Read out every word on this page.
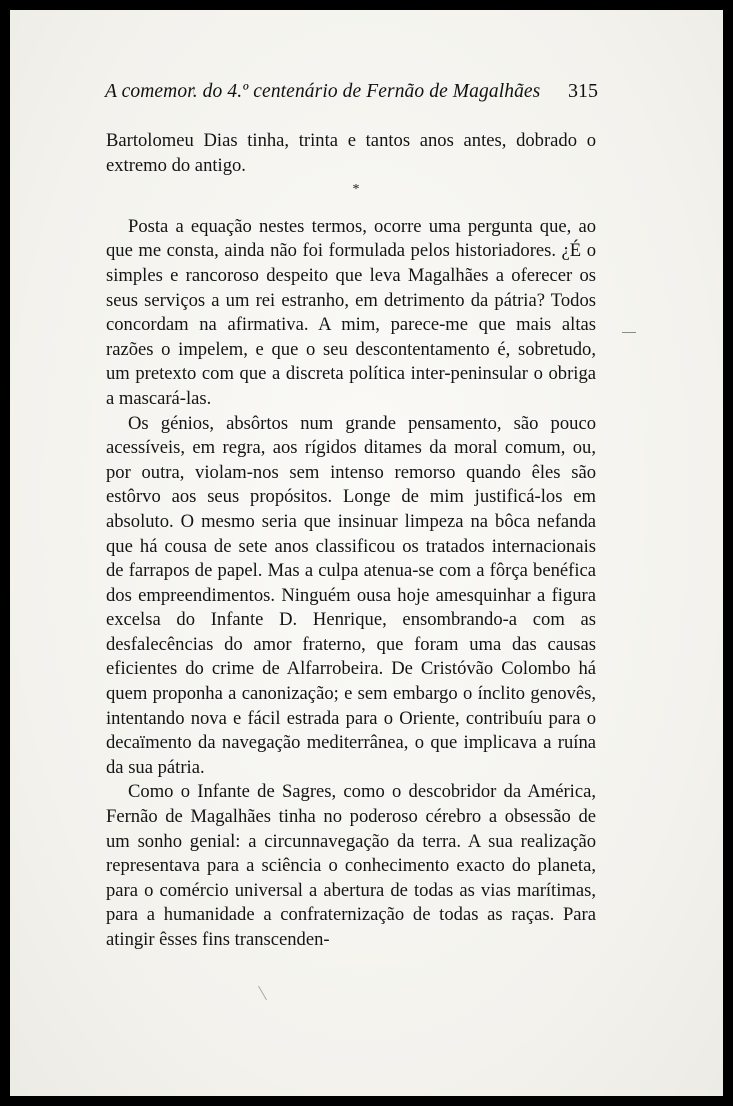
A comemor. do 4.º centenário de Fernão de Magalhães 315

Bartolomeu Dias tinha, trinta e tantos anos antes, dobrado o extremo do antigo.

*

Posta a equação nestes termos, ocorre uma pergunta que, ao que me consta, ainda não foi formulada pelos historiadores. ¿É o simples e rancoroso despeito que leva Magalhães a oferecer os seus serviços a um rei estranho, em detrimento da pátria? Todos concordam na afirmativa. A mim, parece-me que mais altas razões o impelem, e que o seu descontentamento é, sobretudo, um pretexto com que a discreta política inter-peninsular o obriga a mascará-las.

Os génios, absôrtos num grande pensamento, são pouco acessíveis, em regra, aos rígidos ditames da moral comum, ou, por outra, violam-nos sem intenso remorso quando êles são estôrvo aos seus propósitos. Longe de mim justificá-los em absoluto. O mesmo seria que insinuar limpeza na bôca nefanda que há cousa de sete anos classificou os tratados internacionais de farrapos de papel. Mas a culpa atenua-se com a fôrça benéfica dos empreendimentos. Ninguém ousa hoje amesquinhar a figura excelsa do Infante D. Henrique, ensombrando-a com as desfalecências do amor fraterno, que foram uma das causas eficientes do crime de Alfarrobeira. De Cristóvão Colombo há quem proponha a canonização; e sem embargo o ínclito genovês, intentando nova e fácil estrada para o Oriente, contribuíu para o decaïmento da navegação mediterrânea, o que implicava a ruína da sua pátria.

Como o Infante de Sagres, como o descobridor da América, Fernão de Magalhães tinha no poderoso cérebro a obsessão de um sonho genial: a circunnavegação da terra. A sua realização representava para a sciência o conhecimento exacto do planeta, para o comércio universal a abertura de todas as vias marítimas, para a humanidade a confraternização de todas as raças. Para atingir êsses fins transcenden-
